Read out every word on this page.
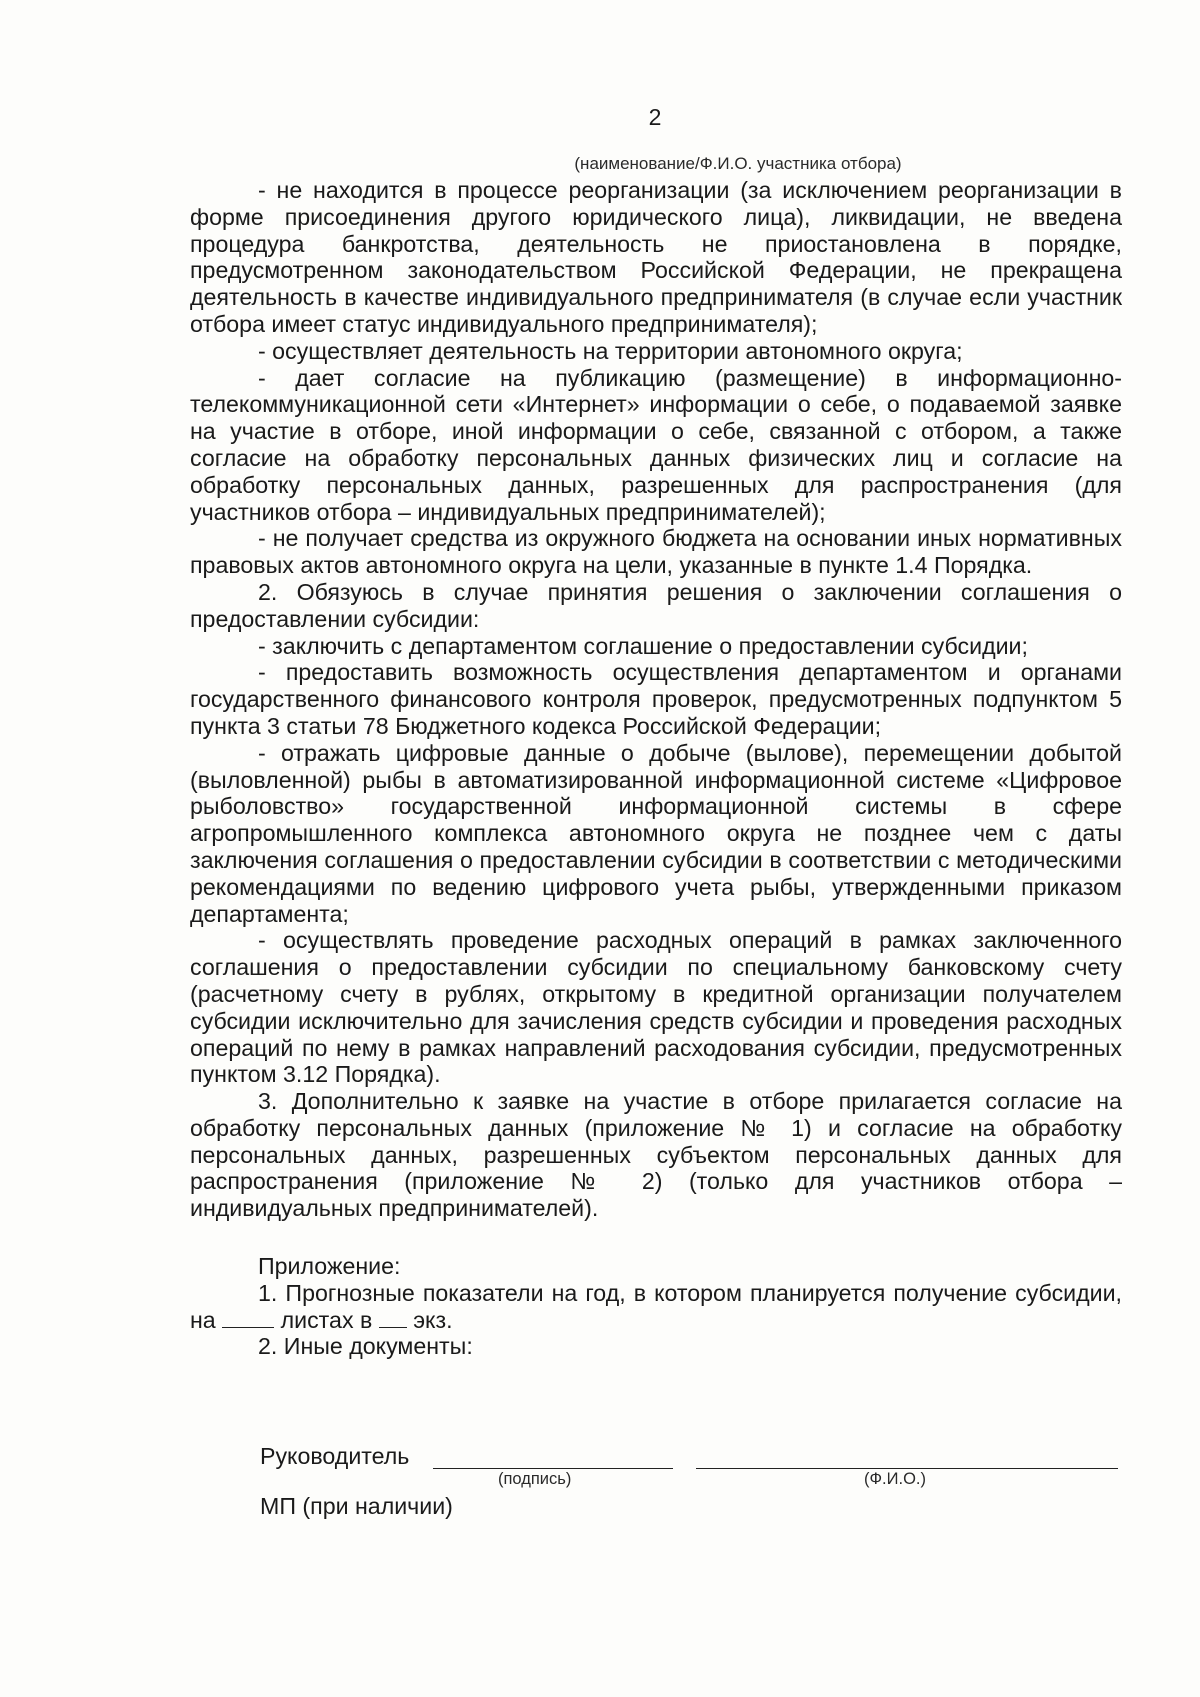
2
(наименование/Ф.И.О. участника отбора)

- не находится в процессе реорганизации (за исключением реорганизации в форме присоединения другого юридического лица), ликвидации, не введена процедура банкротства, деятельность не приостановлена в порядке, предусмотренном законодательством Российской Федерации, не прекращена деятельность в качестве индивидуального предпринимателя (в случае если участник отбора имеет статус индивидуального предпринимателя);

- осуществляет деятельность на территории автономного округа;

- дает согласие на публикацию (размещение) в информационно-телекоммуникационной сети «Интернет» информации о себе, о подаваемой заявке на участие в отборе, иной информации о себе, связанной с отбором, а также согласие на обработку персональных данных физических лиц и согласие на обработку персональных данных, разрешенных для распространения (для участников отбора – индивидуальных предпринимателей);

- не получает средства из окружного бюджета на основании иных нормативных правовых актов автономного округа на цели, указанные в пункте 1.4 Порядка.

2. Обязуюсь в случае принятия решения о заключении соглашения о предоставлении субсидии:

- заключить с департаментом соглашение о предоставлении субсидии;

- предоставить возможность осуществления департаментом и органами государственного финансового контроля проверок, предусмотренных подпунктом 5 пункта 3 статьи 78 Бюджетного кодекса Российской Федерации;

- отражать цифровые данные о добыче (вылове), перемещении добытой (выловленной) рыбы в автоматизированной информационной системе «Цифровое рыболовство» государственной информационной системы в сфере агропромышленного комплекса автономного округа не позднее чем с даты заключения соглашения о предоставлении субсидии в соответствии с методическими рекомендациями по ведению цифрового учета рыбы, утвержденными приказом департамента;

- осуществлять проведение расходных операций в рамках заключенного соглашения о предоставлении субсидии по специальному банковскому счету (расчетному счету в рублях, открытому в кредитной организации получателем субсидии исключительно для зачисления средств субсидии и проведения расходных операций по нему в рамках направлений расходования субсидии, предусмотренных пунктом 3.12 Порядка).

3. Дополнительно к заявке на участие в отборе прилагается согласие на обработку персональных данных (приложение № 1) и согласие на обработку персональных данных, разрешенных субъектом персональных данных для распространения (приложение № 2) (только для участников отбора – индивидуальных предпринимателей).

Приложение:

1. Прогнозные показатели на год, в котором планируется получение субсидии, на	листах в экз.

2. Иные документы:

Руководитель
(подпись)	(Ф.И.О.)
МП (при наличии)
